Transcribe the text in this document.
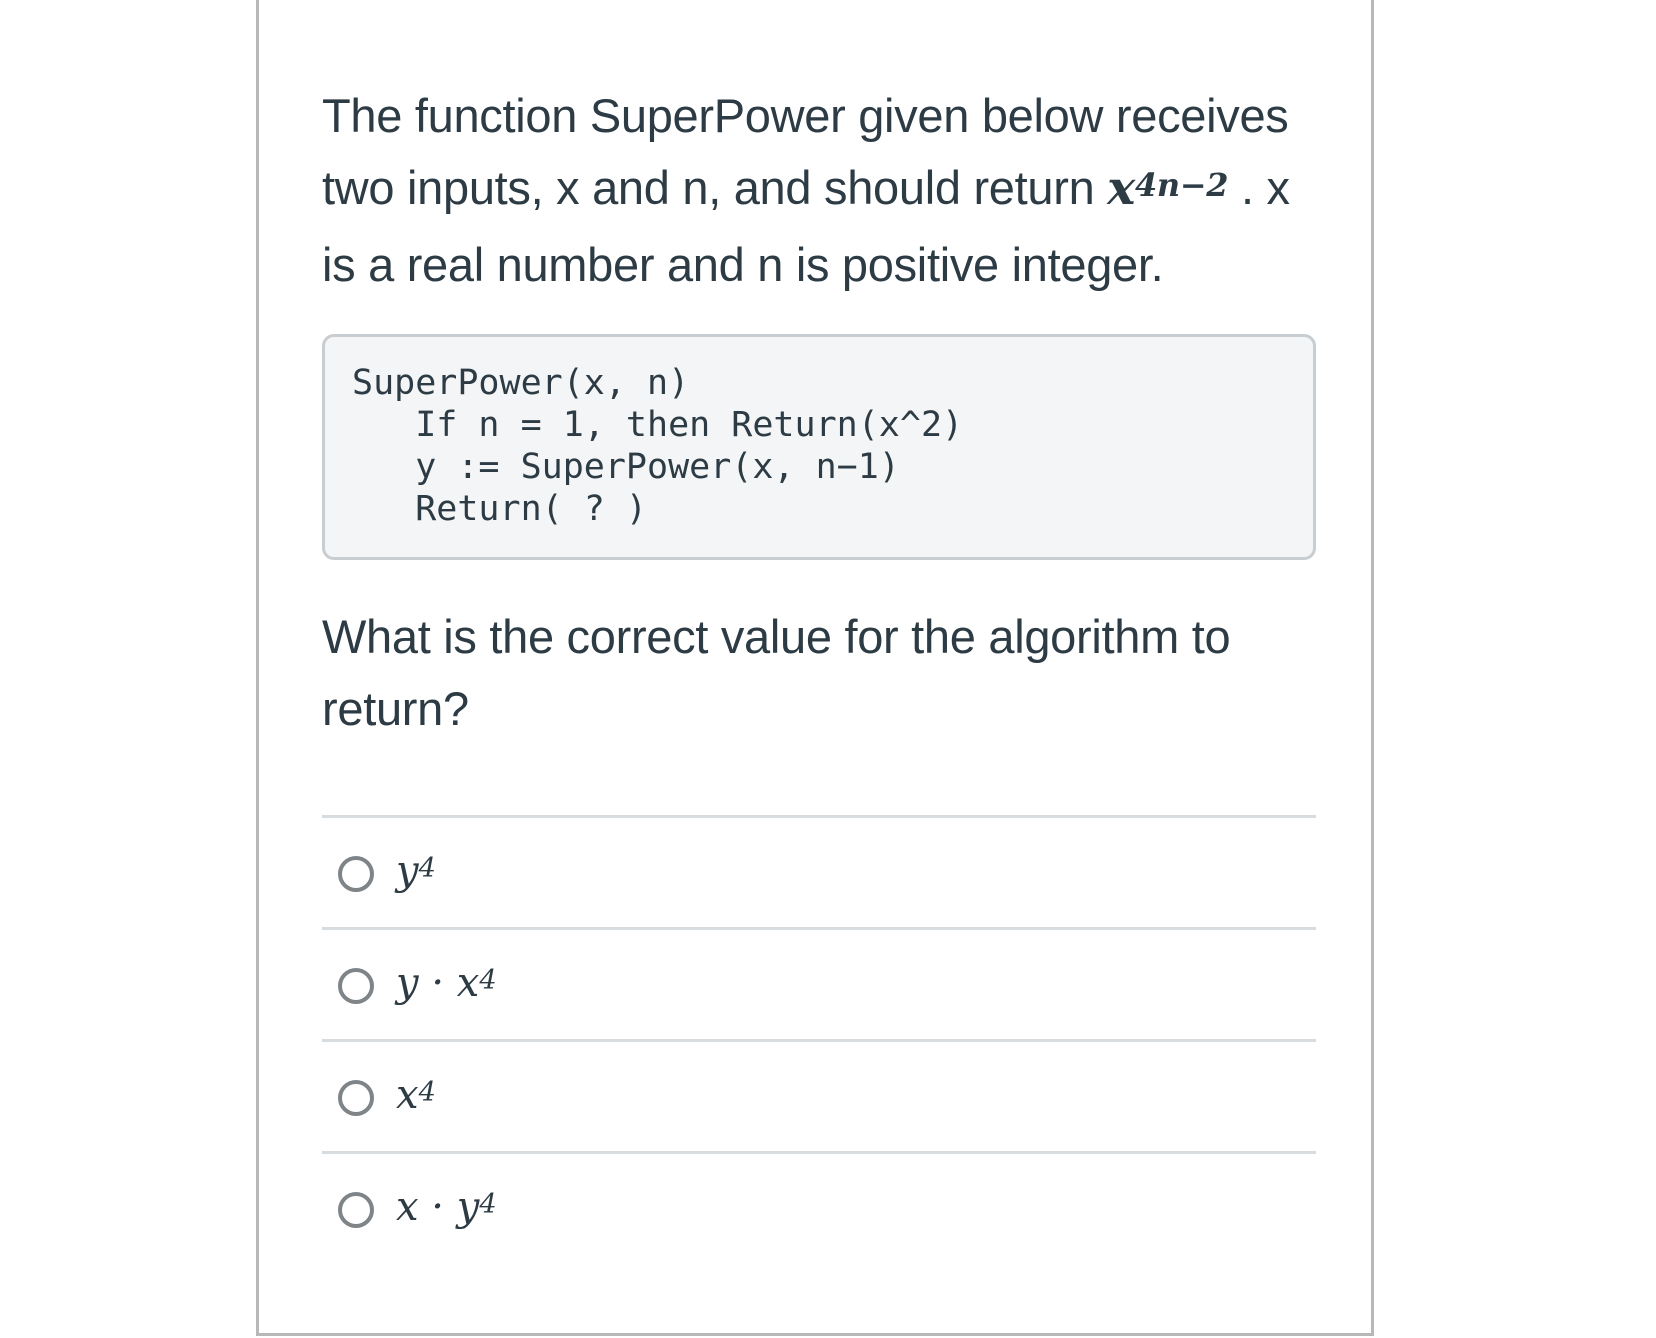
The function SuperPower given below receives two inputs, x and n, and should return $x^{4n-2}$ . x is a real number and n is positive integer.
SuperPower(x, n)
If n = 1, then Return(x^2)
y := SuperPower(x, n−1)
Return( ? )
What is the correct value for the algorithm to return?
$y^4$
$y \cdot x^4$
$x^4$
$x \cdot y^4$
